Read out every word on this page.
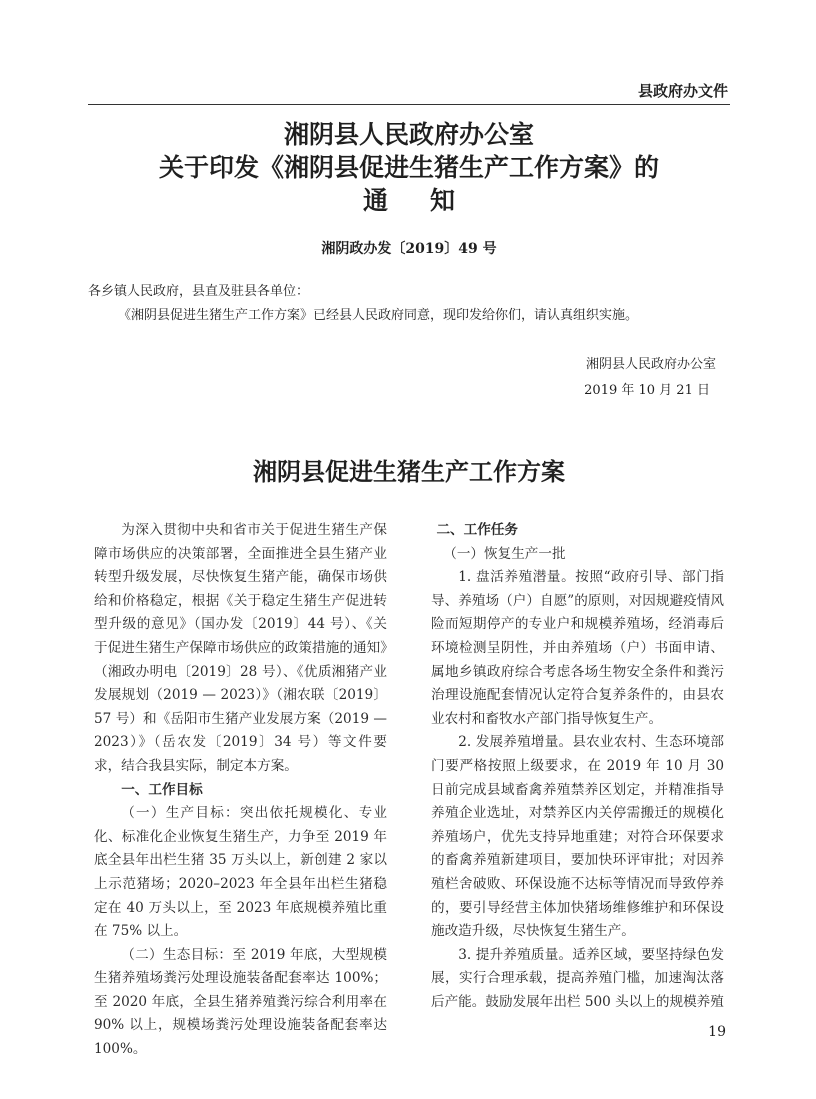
县政府办文件
湘阴县人民政府办公室
关于印发《湘阴县促进生猪生产工作方案》的
通知
湘阴政办发〔2019〕49 号
各乡镇人民政府，县直及驻县各单位：
《湘阴县促进生猪生产工作方案》已经县人民政府同意，现印发给你们，请认真组织实施。
湘阴县人民政府办公室
2019 年 10 月 21 日
湘阴县促进生猪生产工作方案

为深入贯彻中央和省市关于促进生猪生产保障市场供应的决策部署，全面推进全县生猪产业转型升级发展，尽快恢复生猪产能，确保市场供给和价格稳定，根据《关于稳定生猪生产促进转型升级的意见》（国办发〔2019〕44 号）、《关于促进生猪生产保障市场供应的政策措施的通知》（湘政办明电〔2019〕28 号）、《优质湘猪产业发展规划（2019 — 2023）》（湘农联〔2019〕57 号）和《岳阳市生猪产业发展方案（2019 — 2023）》（岳农发〔2019〕34 号）等文件要求，结合我县实际，制定本方案。

一、工作目标

（一）生产目标：突出依托规模化、专业化、标准化企业恢复生猪生产，力争至 2019 年底全县年出栏生猪 35 万头以上，新创建 2 家以上示范猪场；2020–2023 年全县年出栏生猪稳定在 40 万头以上，至 2023 年底规模养殖比重在 75% 以上。

（二）生态目标：至 2019 年底，大型规模生猪养殖场粪污处理设施装备配套率达 100%；至 2020 年底，全县生猪养殖粪污综合利用率在 90% 以上，规模场粪污处理设施装备配套率达 100%。

二、工作任务

（一）恢复生产一批

1. 盘活养殖潜量。按照“政府引导、部门指导、养殖场（户）自愿”的原则，对因规避疫情风险而短期停产的专业户和规模养殖场，经消毒后环境检测呈阴性，并由养殖场（户）书面申请、属地乡镇政府综合考虑各场生物安全条件和粪污治理设施配套情况认定符合复养条件的，由县农业农村和畜牧水产部门指导恢复生产。

2. 发展养殖增量。县农业农村、生态环境部门要严格按照上级要求，在 2019 年 10 月 30 日前完成县域畜禽养殖禁养区划定，并精准指导养殖企业选址，对禁养区内关停需搬迁的规模化养殖场户，优先支持异地重建；对符合环保要求的畜禽养殖新建项目，要加快环评审批；对因养殖栏舍破败、环保设施不达标等情况而导致停养的，要引导经营主体加快猪场维修维护和环保设施改造升级，尽快恢复生猪生产。

3. 提升养殖质量。适养区域，要坚持绿色发展，实行合理承载，提高养殖门槛，加速淘汰落后产能。鼓励发展年出栏 500 头以上的规模养殖

19
